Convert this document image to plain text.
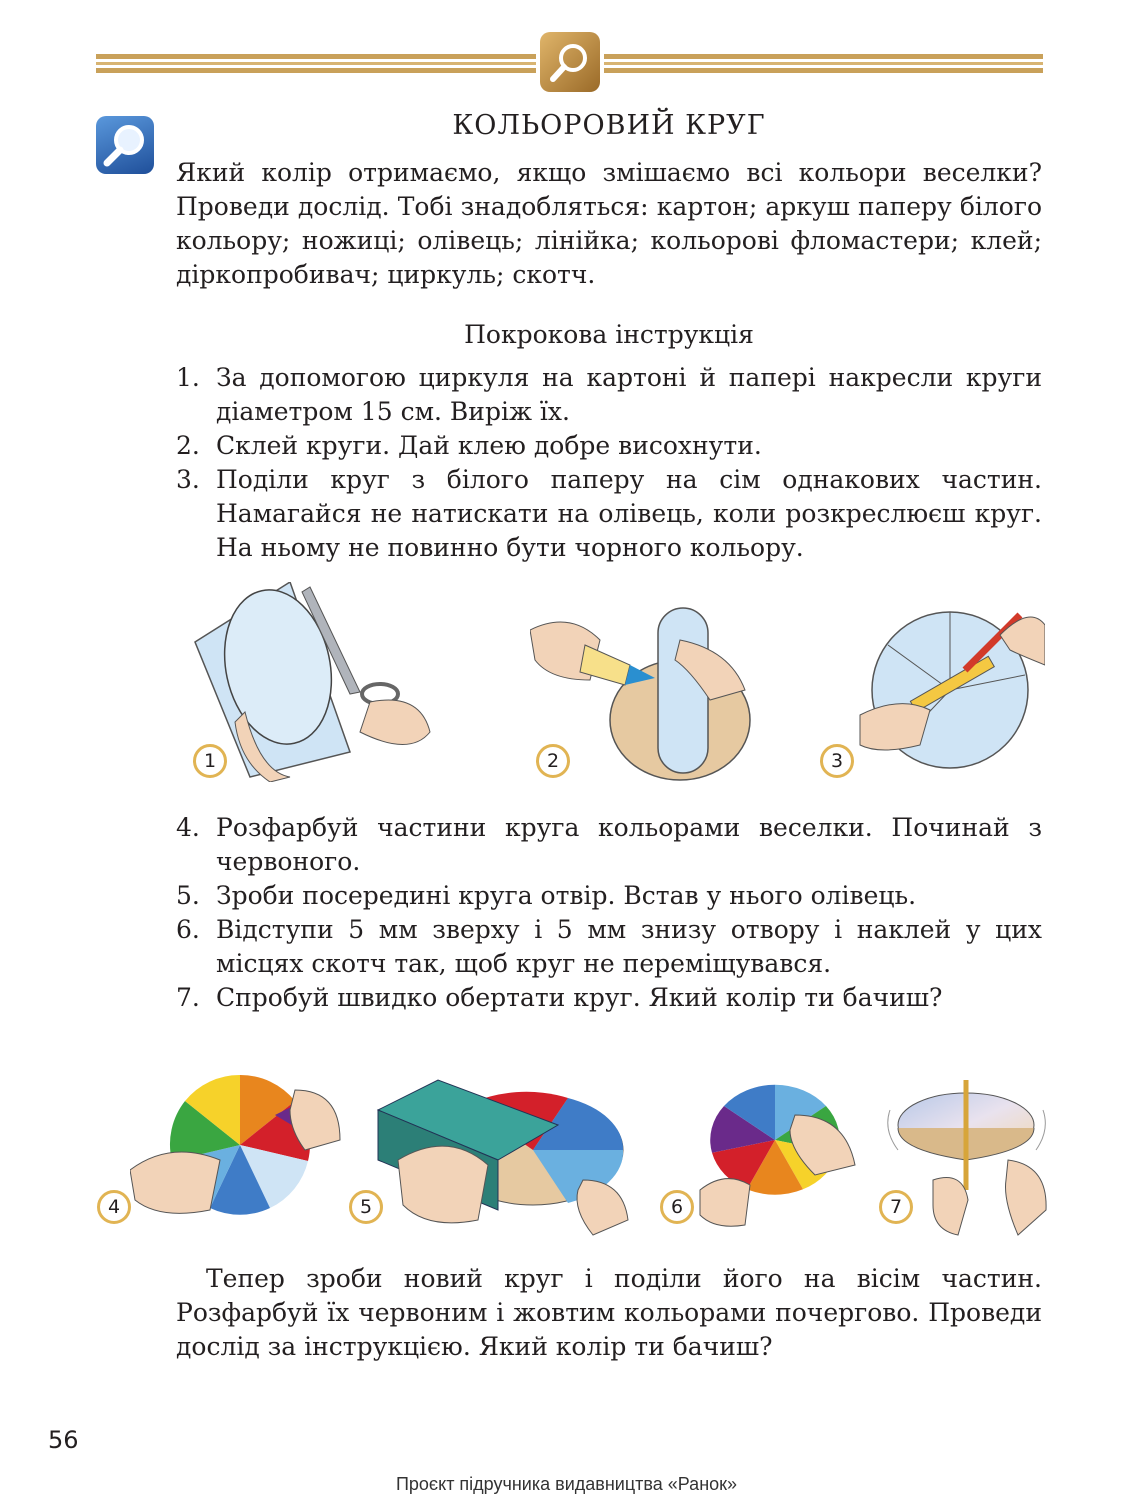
КОЛЬОРОВИЙ КРУГ
Який колір отримаємо, якщо змішаємо всі кольори веселки? Проведи дослід. Тобі знадобляться: картон; аркуш паперу білого кольору; ножиці; олівець; лінійка; кольорові фломастери; клей; діркопробивач; циркуль; скотч.
Покрокова інструкція
1. За допомогою циркуля на картоні й папері накресли круги діаметром 15 см. Виріж їх.
2. Склей круги. Дай клею добре висохнути.
3. Поділи круг з білого паперу на сім однакових частин. Намагайся не натискати на олівець, коли розкреслюєш круг. На ньому не повинно бути чорного кольору.
1	2	3
4. Розфарбуй частини круга кольорами веселки. Починай з червоного.
5. Зроби посередині круга отвір. Встав у нього олівець.
6. Відступи 5 мм зверху і 5 мм знизу отвору і наклей у цих місцях скотч так, щоб круг не переміщувався.
7. Спробуй швидко обертати круг. Який колір ти бачиш?
4	5	6	7
Тепер зроби новий круг і поділи його на вісім частин. Розфарбуй їх червоним і жовтим кольорами почергово. Проведи дослід за інструкцією. Який колір ти бачиш?
56
Проєкт підручника видавництва «Ранок»
